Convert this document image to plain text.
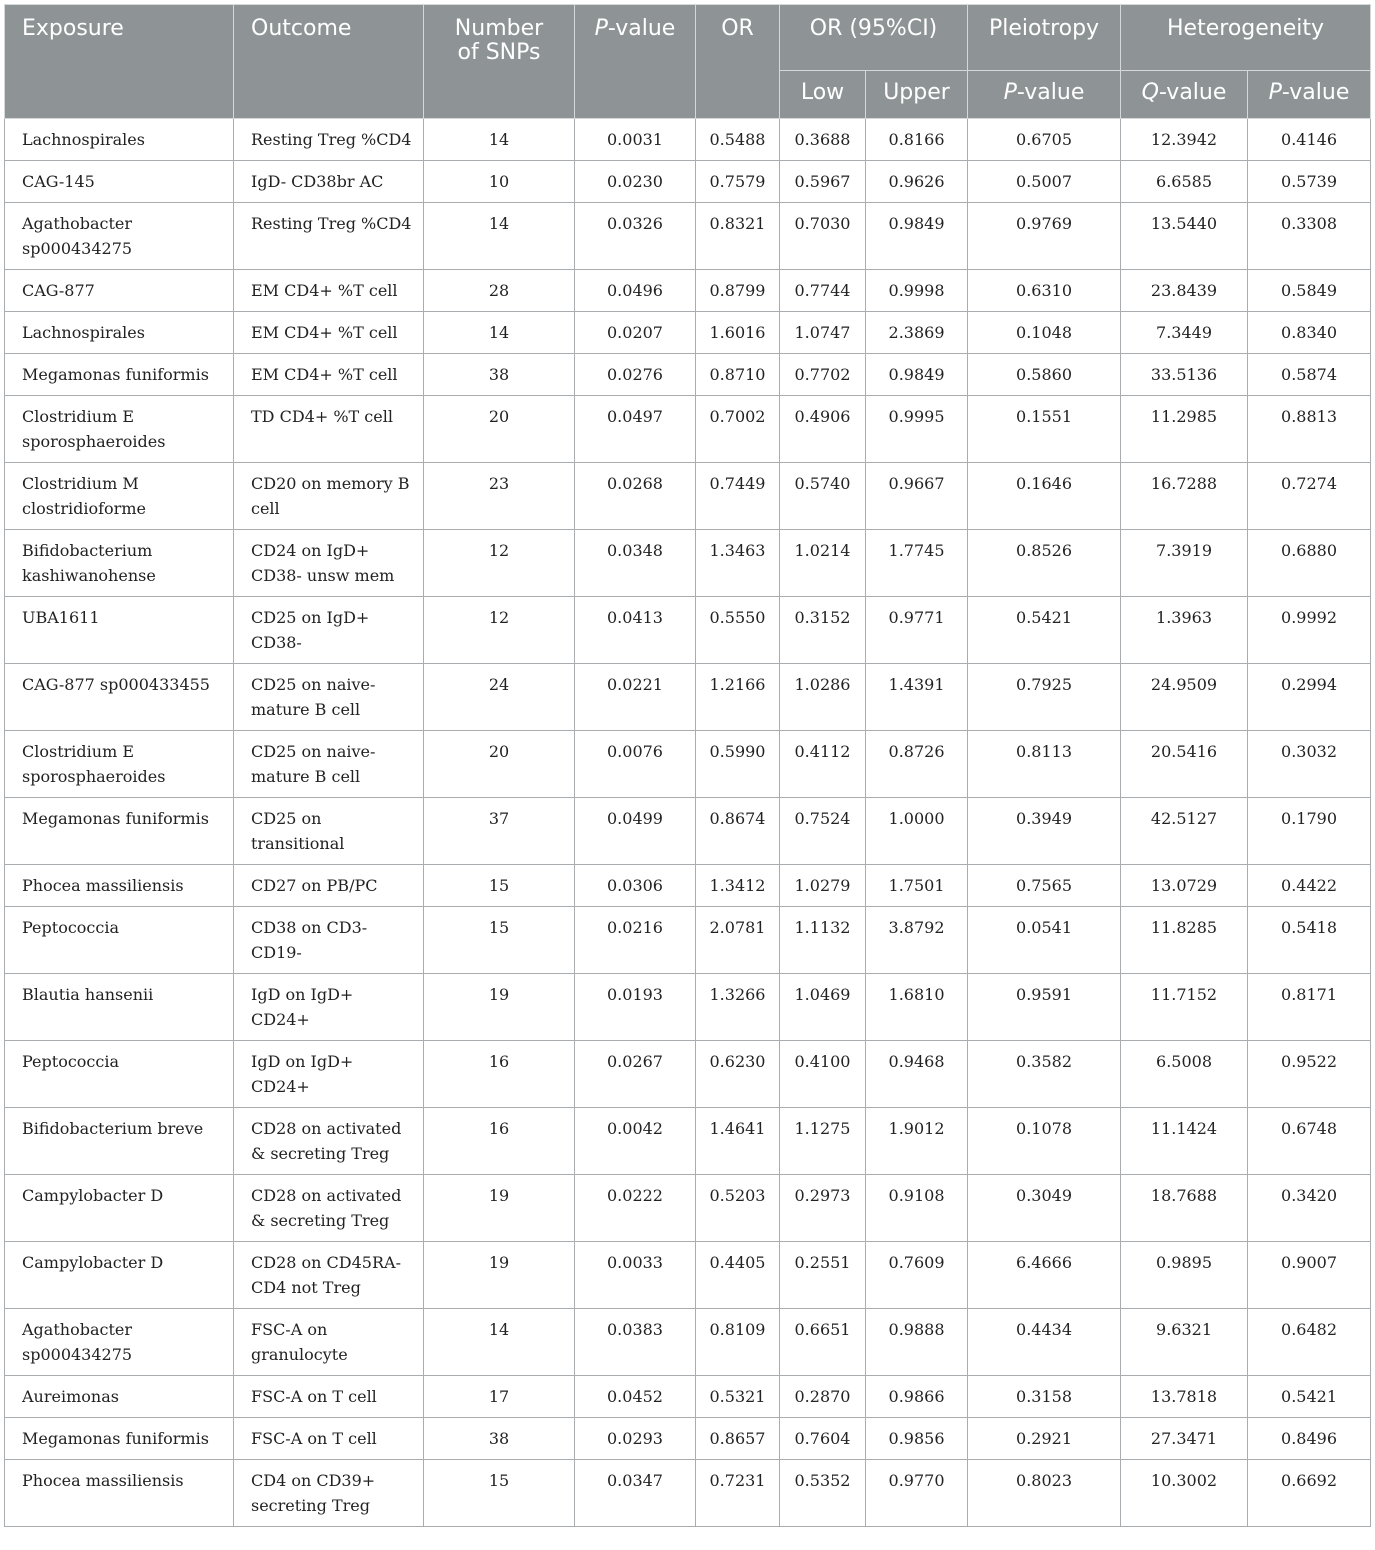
Exposure	Outcome	Number of SNPs	P-value	OR	OR (95%CI)		Pleiotropy	Heterogeneity	
					Low	Upper	P-value	Q-value	P-value
Lachnospirales	Resting Treg %CD4	14	0.0031	0.5488	0.3688	0.8166	0.6705	12.3942	0.4146
CAG-145	IgD- CD38br AC	10	0.0230	0.7579	0.5967	0.9626	0.5007	6.6585	0.5739
Agathobacter sp000434275	Resting Treg %CD4	14	0.0326	0.8321	0.7030	0.9849	0.9769	13.5440	0.3308
CAG-877	EM CD4+ %T cell	28	0.0496	0.8799	0.7744	0.9998	0.6310	23.8439	0.5849
Lachnospirales	EM CD4+ %T cell	14	0.0207	1.6016	1.0747	2.3869	0.1048	7.3449	0.8340
Megamonas funiformis	EM CD4+ %T cell	38	0.0276	0.8710	0.7702	0.9849	0.5860	33.5136	0.5874
Clostridium E sporosphaeroides	TD CD4+ %T cell	20	0.0497	0.7002	0.4906	0.9995	0.1551	11.2985	0.8813
Clostridium M clostridioforme	CD20 on memory B cell	23	0.0268	0.7449	0.5740	0.9667	0.1646	16.7288	0.7274
Bifidobacterium kashiwanohense	CD24 on IgD+ CD38- unsw mem	12	0.0348	1.3463	1.0214	1.7745	0.8526	7.3919	0.6880
UBA1611	CD25 on IgD+ CD38-	12	0.0413	0.5550	0.3152	0.9771	0.5421	1.3963	0.9992
CAG-877 sp000433455	CD25 on naive-mature B cell	24	0.0221	1.2166	1.0286	1.4391	0.7925	24.9509	0.2994
Clostridium E sporosphaeroides	CD25 on naive-mature B cell	20	0.0076	0.5990	0.4112	0.8726	0.8113	20.5416	0.3032
Megamonas funiformis	CD25 on transitional	37	0.0499	0.8674	0.7524	1.0000	0.3949	42.5127	0.1790
Phocea massiliensis	CD27 on PB/PC	15	0.0306	1.3412	1.0279	1.7501	0.7565	13.0729	0.4422
Peptococcia	CD38 on CD3- CD19-	15	0.0216	2.0781	1.1132	3.8792	0.0541	11.8285	0.5418
Blautia hansenii	IgD on IgD+ CD24+	19	0.0193	1.3266	1.0469	1.6810	0.9591	11.7152	0.8171
Peptococcia	IgD on IgD+ CD24+	16	0.0267	0.6230	0.4100	0.9468	0.3582	6.5008	0.9522
Bifidobacterium breve	CD28 on activated & secreting Treg	16	0.0042	1.4641	1.1275	1.9012	0.1078	11.1424	0.6748
Campylobacter D	CD28 on activated & secreting Treg	19	0.0222	0.5203	0.2973	0.9108	0.3049	18.7688	0.3420
Campylobacter D	CD28 on CD45RA- CD4 not Treg	19	0.0033	0.4405	0.2551	0.7609	6.4666	0.9895	0.9007
Agathobacter sp000434275	FSC-A on granulocyte	14	0.0383	0.8109	0.6651	0.9888	0.4434	9.6321	0.6482
Aureimonas	FSC-A on T cell	17	0.0452	0.5321	0.2870	0.9866	0.3158	13.7818	0.5421
Megamonas funiformis	FSC-A on T cell	38	0.0293	0.8657	0.7604	0.9856	0.2921	27.3471	0.8496
Phocea massiliensis	CD4 on CD39+ secreting Treg	15	0.0347	0.7231	0.5352	0.9770	0.8023	10.3002	0.6692
